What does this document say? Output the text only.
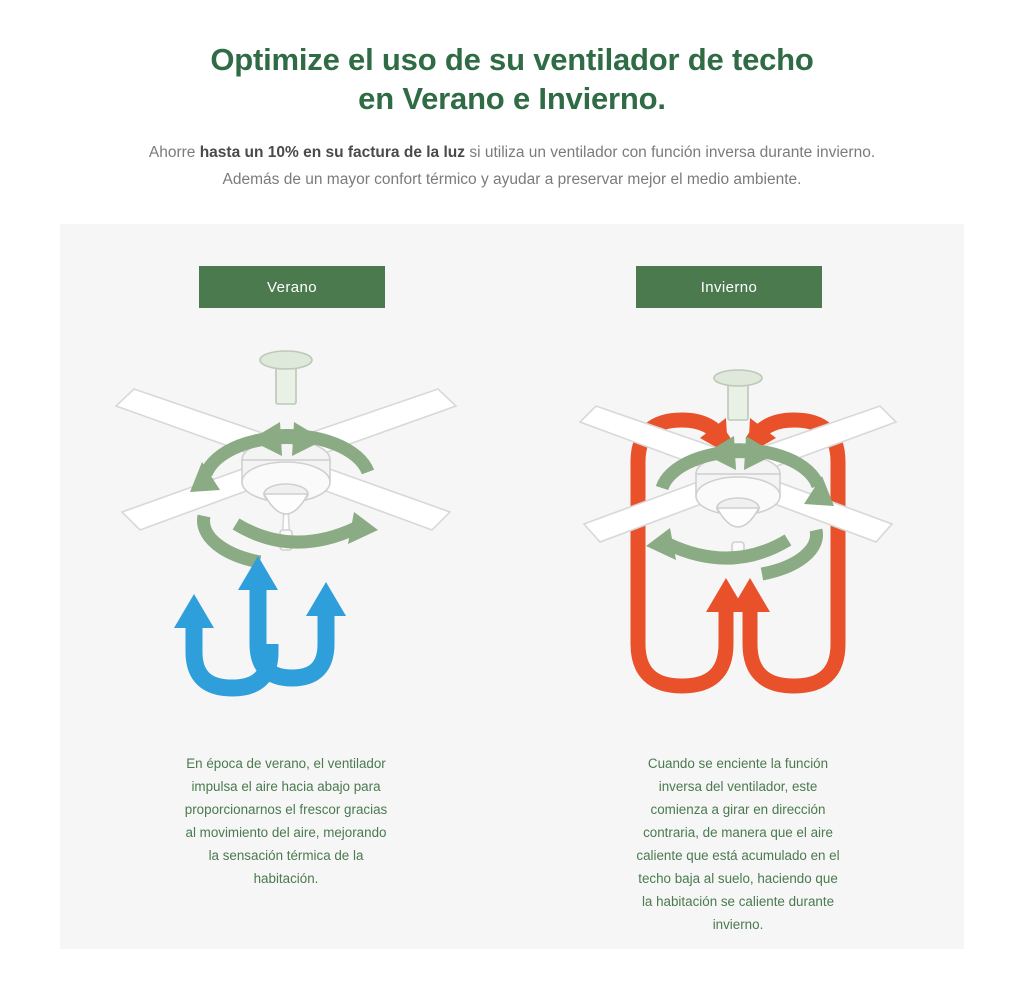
Optimize el uso de su ventilador de techo
en Verano e Invierno.
Ahorre hasta un 10% en su factura de la luz si utiliza un ventilador con función inversa durante invierno.
Además de un mayor confort térmico y ayudar a preservar mejor el medio ambiente.
Verano

En época de verano, el ventilador impulsa el aire hacia abajo para proporcionarnos el frescor gracias al movimiento del aire, mejorando la sensación térmica de la habitación.

Invierno

Cuando se enciente la función inversa del ventilador, este comienza a girar en dirección contraria, de manera que el aire caliente que está acumulado en el techo baja al suelo, haciendo que la habitación se caliente durante invierno.
